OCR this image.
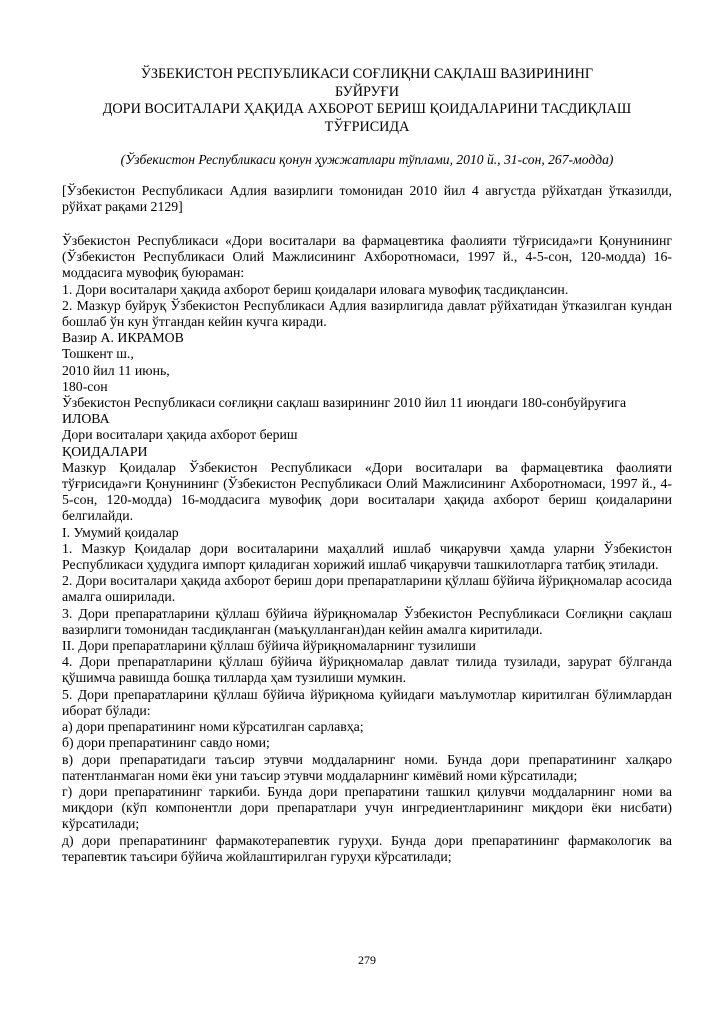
ЎЗБЕКИСТОН РЕСПУБЛИКАСИ СОҒЛИҚНИ САҚЛАШ ВАЗИРИНИНГ
БУЙРУҒИ
ДОРИ ВОСИТАЛАРИ ҲАҚИДА АХБОРОТ БЕРИШ ҚОИДАЛАРИНИ ТАСДИҚЛАШ
ТЎҒРИСИДА
(Ўзбекистон Республикаси қонун ҳужжатлари тўплами, 2010 й., 31-сон, 267-модда)

[Ўзбекистон Республикаси Адлия вазирлиги томонидан 2010 йил 4 августда рўйхатдан ўтказилди, рўйхат рақами 2129]

Ўзбекистон Республикаси «Дори воситалари ва фармацевтика фаолияти тўғрисида»ги Қонунининг (Ўзбекистон Республикаси Олий Мажлисининг Ахборотномаси, 1997 й., 4-5-сон, 120-модда) 16-моддасига мувофиқ буюраман:

1. Дори воситалари ҳақида ахборот бериш қоидалари иловага мувофиқ тасдиқлансин.

2. Мазкур буйруқ Ўзбекистон Республикаси Адлия вазирлигида давлат рўйхатидан ўтказилган кундан бошлаб ўн кун ўтгандан кейин кучга киради.

Вазир А. ИКРАМОВ

Тошкент ш.,

2010 йил 11 июнь,

180-сон

Ўзбекистон Республикаси соғлиқни сақлаш вазирининг 2010 йил 11 июндаги 180-сонбуйруғига

ИЛОВА

Дори воситалари ҳақида ахборот бериш

ҚОИДАЛАРИ

Мазкур Қоидалар Ўзбекистон Республикаси «Дори воситалари ва фармацевтика фаолияти тўғрисида»ги Қонунининг (Ўзбекистон Республикаси Олий Мажлисининг Ахборотномаси, 1997 й., 4-5-сон, 120-модда) 16-моддасига мувофиқ дори воситалари ҳақида ахборот бериш қоидаларини белгилайди.

I. Умумий қоидалар

1. Мазкур Қоидалар дори воситаларини маҳаллий ишлаб чиқарувчи ҳамда уларни Ўзбекистон Республикаси ҳудудига импорт қиладиган хорижий ишлаб чиқарувчи ташкилотларга татбиқ этилади.

2. Дори воситалари ҳақида ахборот бериш дори препаратларини қўллаш бўйича йўриқномалар асосида амалга оширилади.

3. Дори препаратларини қўллаш бўйича йўриқномалар Ўзбекистон Республикаси Соғлиқни сақлаш вазирлиги томонидан тасдиқланган (маъқулланган)дан кейин амалга киритилади.

II. Дори препаратларини қўллаш бўйича йўриқномаларнинг тузилиши

4. Дори препаратларини қўллаш бўйича йўриқномалар давлат тилида тузилади, зарурат бўлганда қўшимча равишда бошқа тилларда ҳам тузилиши мумкин.

5. Дори препаратларини қўллаш бўйича йўриқнома қуйидаги маълумотлар киритилган бўлимлардан иборат бўлади:

а) дори препаратининг номи кўрсатилган сарлавҳа;

б) дори препаратининг савдо номи;

в) дори препаратидаги таъсир этувчи моддаларнинг номи. Бунда дори препаратининг халқаро патентланмаган номи ёки уни таъсир этувчи моддаларнинг кимёвий номи кўрсатилади;

г) дори препаратининг таркиби. Бунда дори препаратини ташкил қилувчи моддаларнинг номи ва миқдори (кўп компонентли дори препаратлари учун ингредиентларининг миқдори ёки нисбати) кўрсатилади;

д) дори препаратининг фармакотерапевтик гуруҳи. Бунда дори препаратининг фармакологик ва терапевтик таъсири бўйича жойлаштирилган гуруҳи кўрсатилади;

279
